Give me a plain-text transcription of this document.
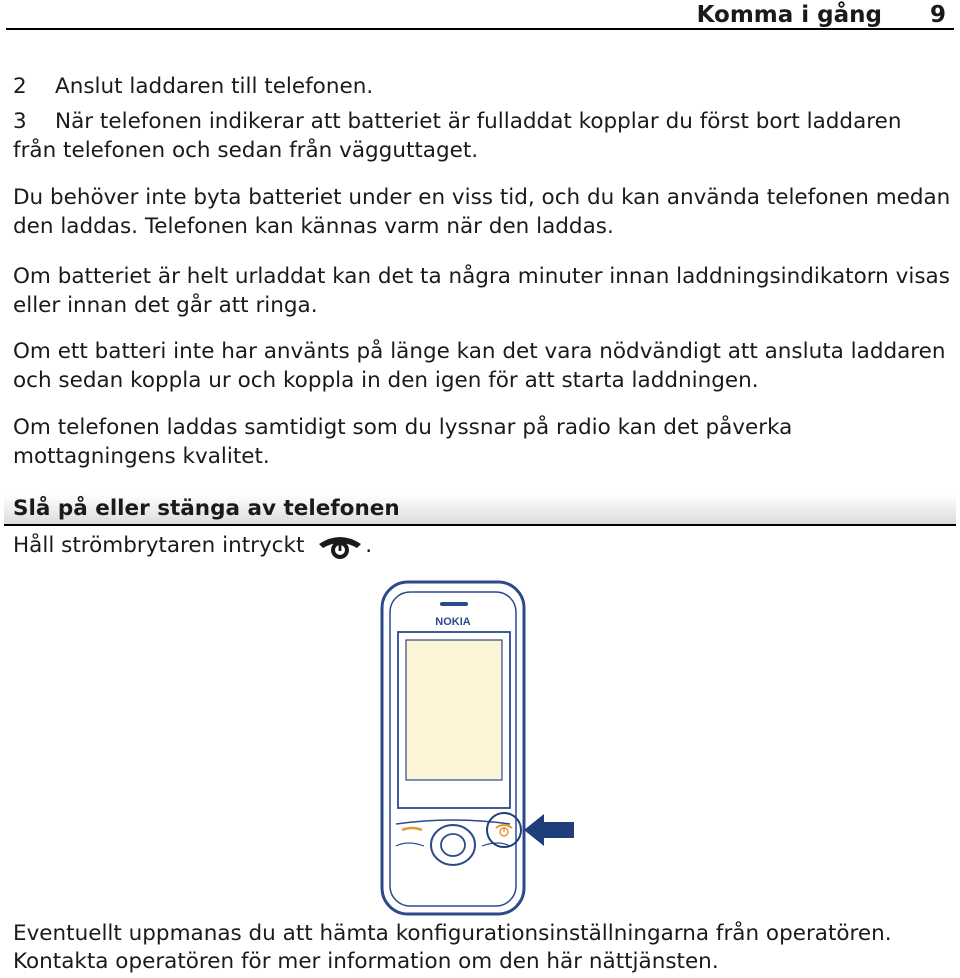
Komma i gång 9

2 Anslut laddaren till telefonen.

3 När telefonen indikerar att batteriet är fulladdat kopplar du först bort laddaren

från telefonen och sedan från vägguttaget.

Du behöver inte byta batteriet under en viss tid, och du kan använda telefonen medan den laddas. Telefonen kan kännas varm när den laddas.

Om batteriet är helt urladdat kan det ta några minuter innan laddningsindikatorn visas eller innan det går att ringa.

Om ett batteri inte har använts på länge kan det vara nödvändigt att ansluta laddaren och sedan koppla ur och koppla in den igen för att starta laddningen.

Om telefonen laddas samtidigt som du lyssnar på radio kan det påverka mottagningens kvalitet.

Slå på eller stänga av telefonen

Håll strömbrytaren intryckt	.

NOKIA

Eventuellt uppmanas du att hämta konfigurationsinställningarna från operatören.

Kontakta operatören för mer information om den här nättjänsten.
